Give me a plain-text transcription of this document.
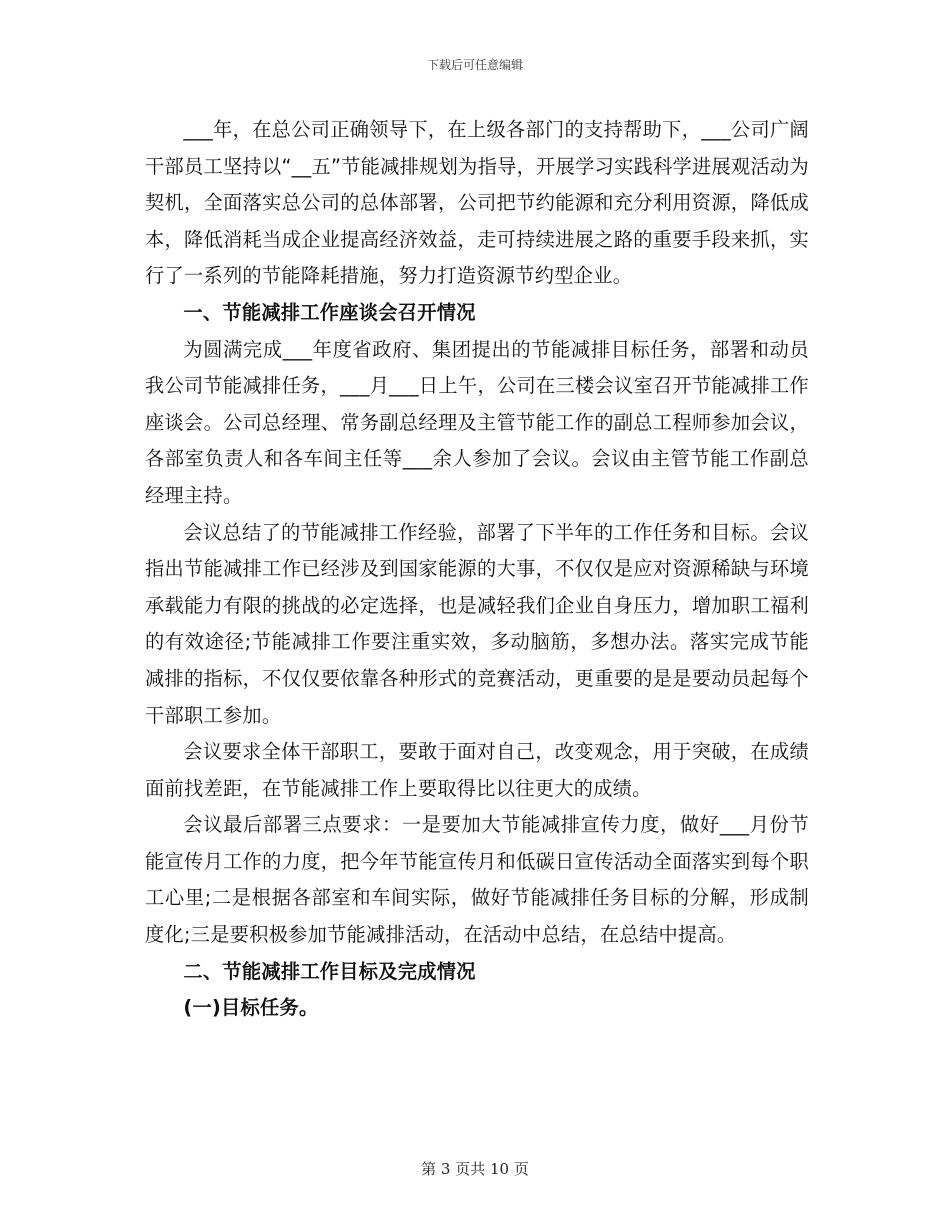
下载后可任意编辑

___年，在总公司正确领导下，在上级各部门的支持帮助下，___公司广阔干部员工坚持以“__五”节能减排规划为指导，开展学习实践科学进展观活动为契机，全面落实总公司的总体部署，公司把节约能源和充分利用资源，降低成本，降低消耗当成企业提高经济效益，走可持续进展之路的重要手段来抓，实行了一系列的节能降耗措施，努力打造资源节约型企业。

一、节能减排工作座谈会召开情况

为圆满完成___年度省政府、集团提出的节能减排目标任务，部署和动员我公司节能减排任务，___月___日上午，公司在三楼会议室召开节能减排工作座谈会。公司总经理、常务副总经理及主管节能工作的副总工程师参加会议，各部室负责人和各车间主任等___余人参加了会议。会议由主管节能工作副总经理主持。

会议总结了的节能减排工作经验，部署了下半年的工作任务和目标。会议指出节能减排工作已经涉及到国家能源的大事，不仅仅是应对资源稀缺与环境承载能力有限的挑战的必定选择，也是减轻我们企业自身压力，增加职工福利的有效途径;节能减排工作要注重实效，多动脑筋，多想办法。落实完成节能减排的指标，不仅仅要依靠各种形式的竞赛活动，更重要的是是要动员起每个干部职工参加。

会议要求全体干部职工，要敢于面对自己，改变观念，用于突破，在成绩面前找差距，在节能减排工作上要取得比以往更大的成绩。

会议最后部署三点要求：一是要加大节能减排宣传力度，做好___月份节能宣传月工作的力度，把今年节能宣传月和低碳日宣传活动全面落实到每个职工心里;二是根据各部室和车间实际，做好节能减排任务目标的分解，形成制度化;三是要积极参加节能减排活动，在活动中总结，在总结中提高。

二、节能减排工作目标及完成情况

(一)目标任务。

第 3 页共 10 页
